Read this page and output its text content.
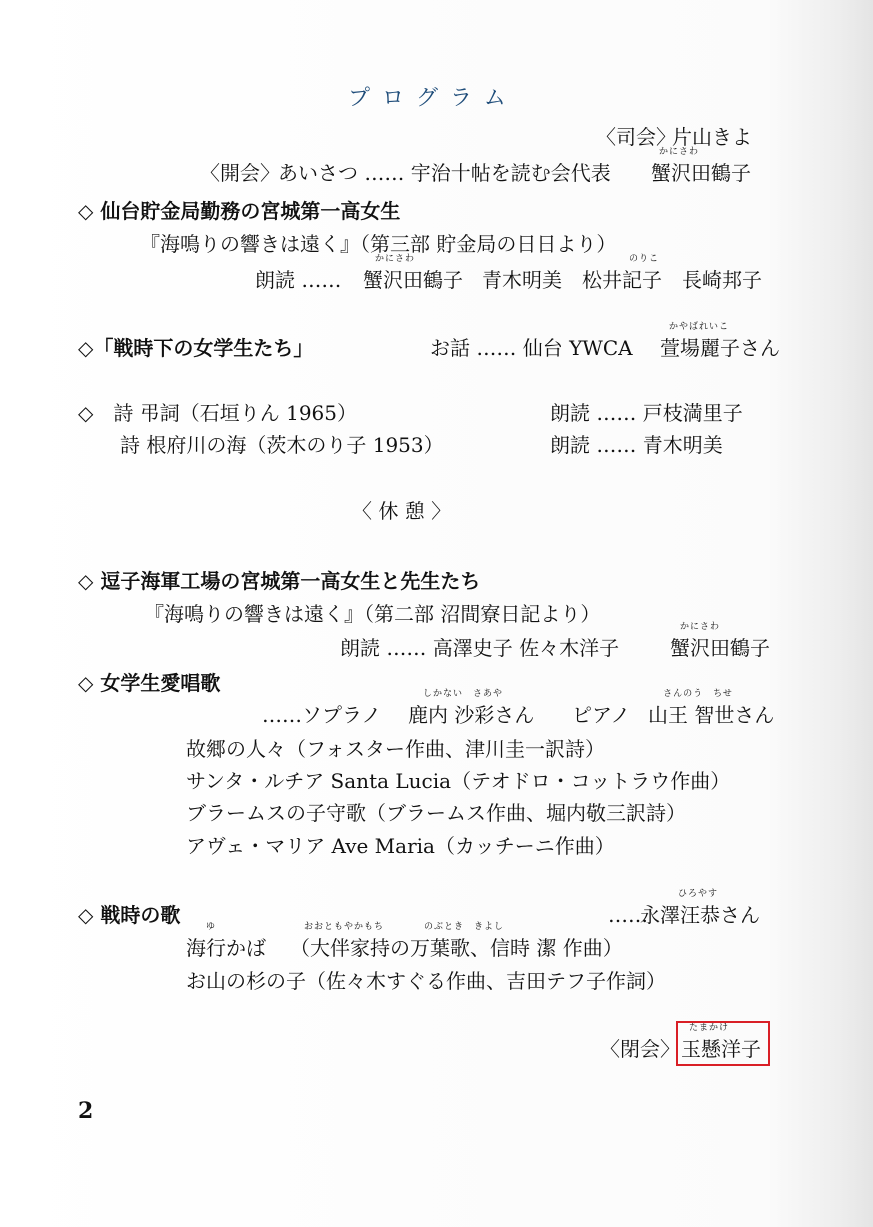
プログラム
〈司会〉
片山きよ
〈開会〉
あいさつ …… 宇治十帖を読む会代表
かにさわ
蟹沢田鶴子
◇ 仙台貯金局勤務の宮城第一高女生
『海鳴りの響きは遠く』（第三部 貯金局の日日より）
朗読 ……
かにさわ
蟹沢田鶴子 青木明美
のりこ
松井記子 長崎邦子
◇「戦時下の女学生たち」	お話 …… 仙台 YWCA
かやばれいこ
萱場麗子さん
◇　詩 弔詞（石垣りん 1965）	朗読 …… 戸枝満里子
詩 根府川の海（茨木のり子 1953）	朗読 …… 青木明美
〈 休 憩 〉
◇ 逗子海軍工場の宮城第一高女生と先生たち
『海鳴りの響きは遠く』（第二部 沼間寮日記より）
朗読 …… 高澤史子 佐々木洋子
かにさわ
蟹沢田鶴子
◇ 女学生愛唱歌
……ソプラノ
しかない　さあや
鹿内 沙彩さん ピアノ
さんのう　ちせ
山王 智世さん
故郷の人々（フォスター作曲、津川圭一訳詩）
サンタ・ルチア Santa Lucia（テオドロ・コットラウ作曲）
ブラームスの子守歌（ブラームス作曲、堀内敬三訳詩）
アヴェ・マリア Ave Maria（カッチーニ作曲）
◇ 戦時の歌	……
ひろやす
永澤汪恭さん
ゆ
海行かば
おおともやかもち　　　　のぶとき　きよし
（大伴家持の万葉歌、信時 潔 作曲）
お山の杉の子（佐々木すぐる作曲、吉田テフ子作詞）
〈閉会〉
たまかけ
玉懸洋子
2
